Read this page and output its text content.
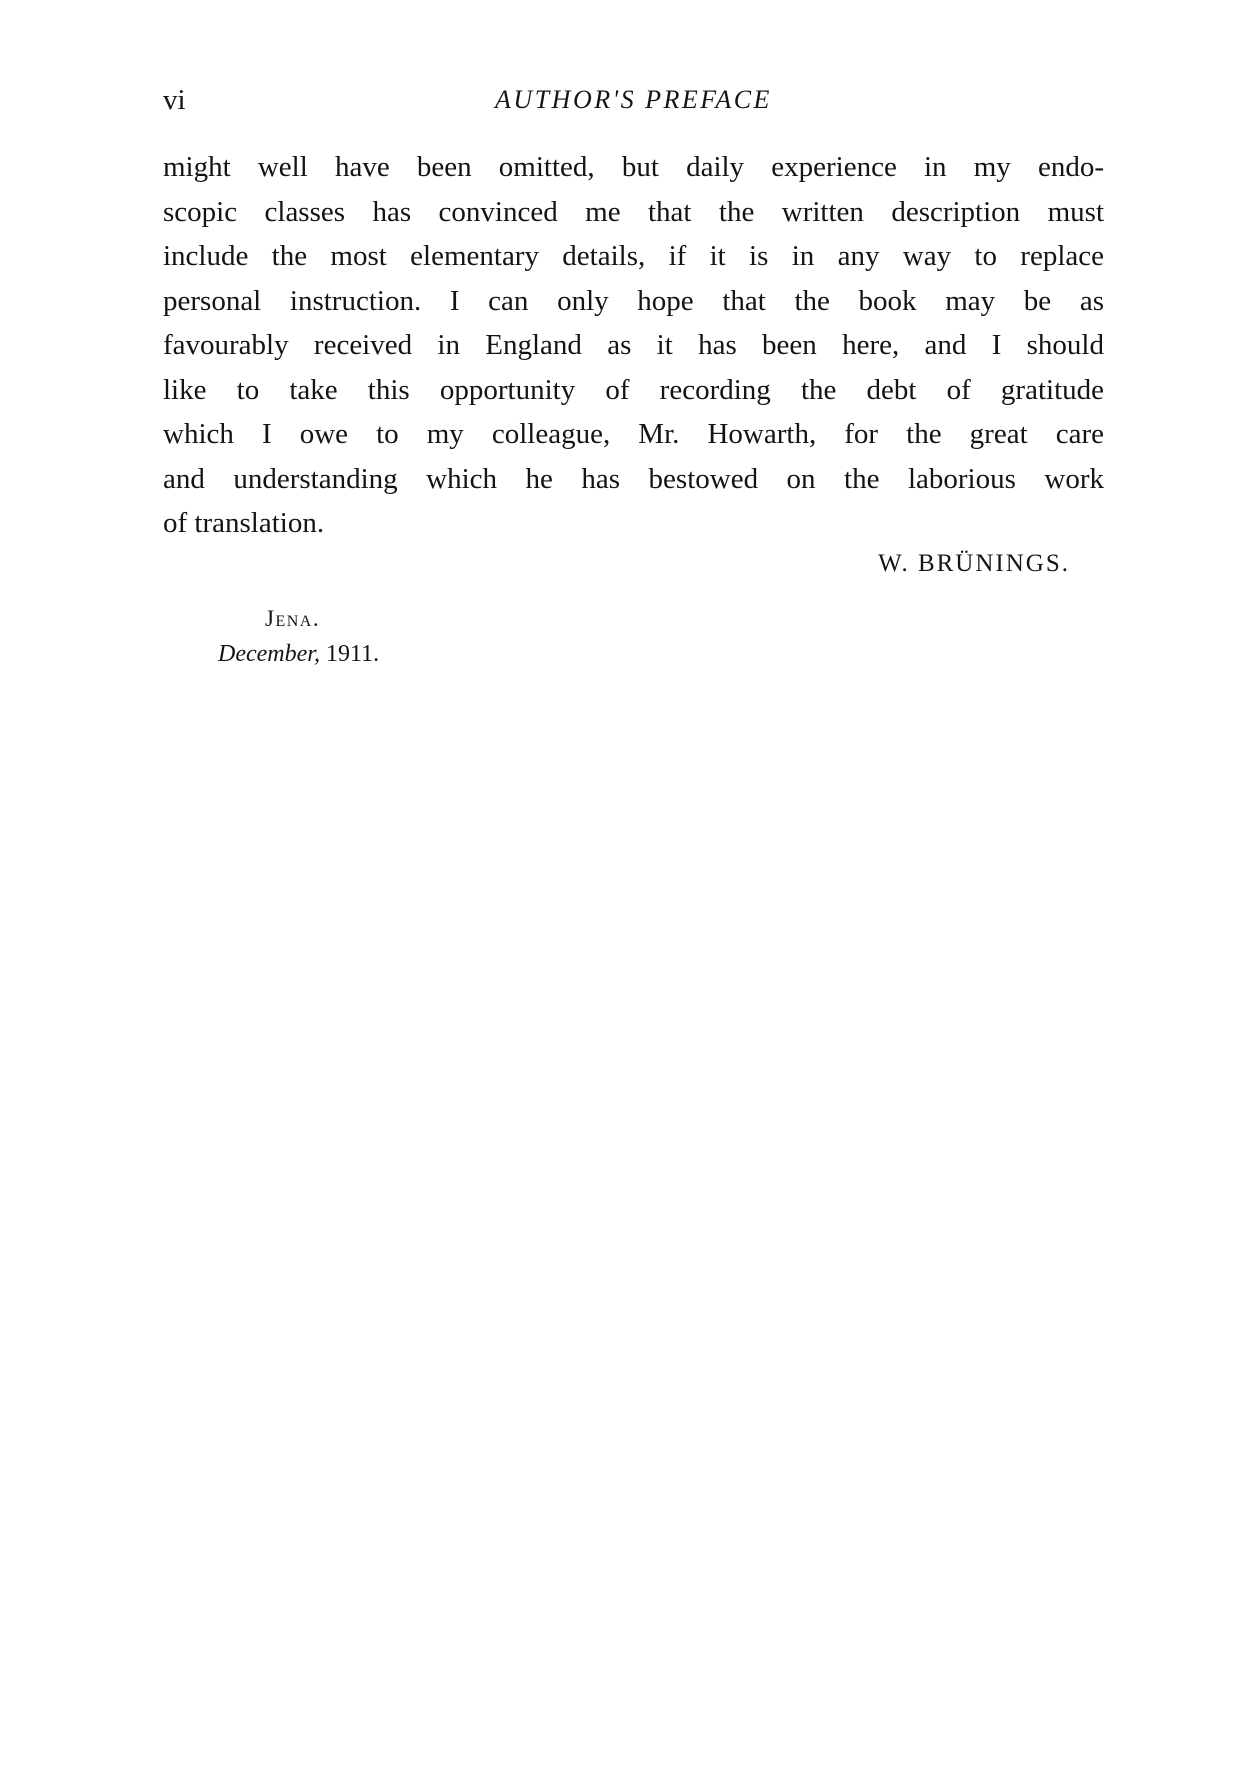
vi	AUTHOR'S PREFACE
might well have been omitted, but daily experience in my endo-
scopic classes has convinced me that the written description must
include the most elementary details, if it is in any way to replace
personal instruction. I can only hope that the book may be as
favourably received in England as it has been here, and I should
like to take this opportunity of recording the debt of gratitude
which I owe to my colleague, Mr. Howarth, for the great care
and understanding which he has bestowed on the laborious work
of translation.
W. BRÜNINGS.
Jena.
December, 1911.
